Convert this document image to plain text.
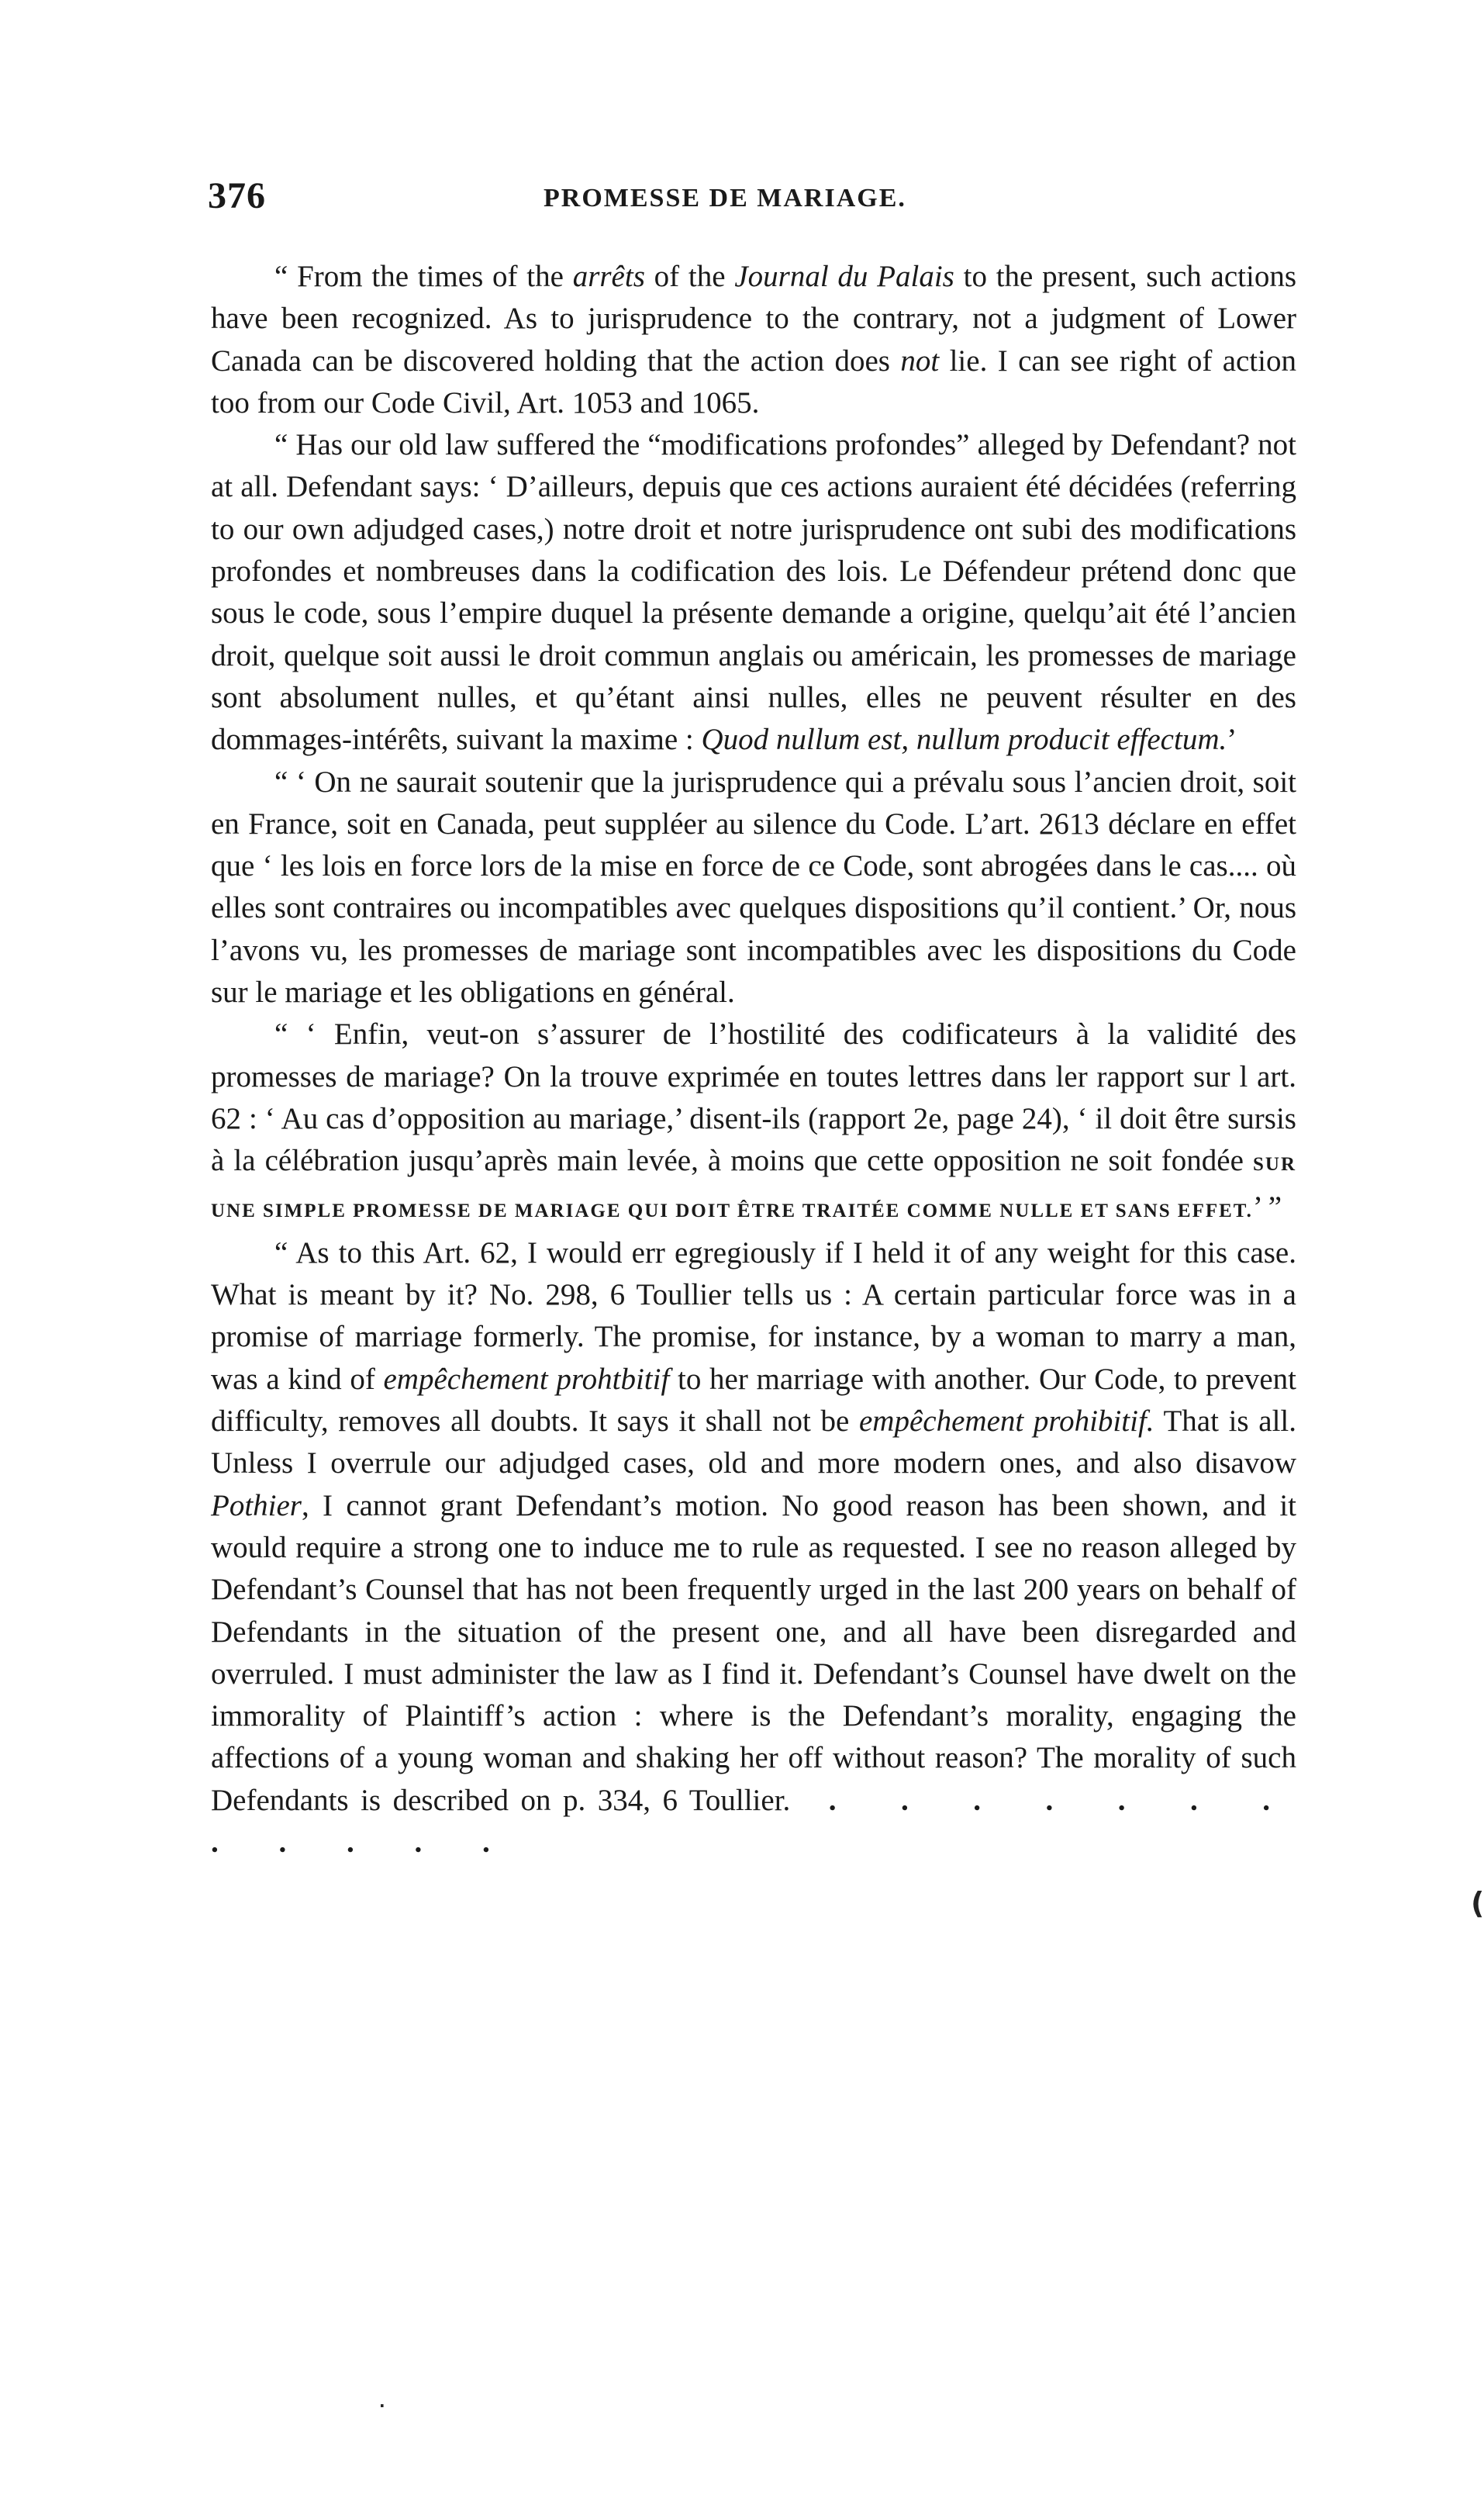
376	PROMESSE DE MARIAGE.

“ From the times of the arrêts of the Journal du Palais to the present, such actions have been recognized. As to jurisprudence to the contrary, not a judgment of Lower Canada can be discovered holding that the action does not lie. I can see right of action too from our Code Civil, Art. 1053 and 1065.

“ Has our old law suffered the “modifications profondes” alleged by Defendant? not at all. Defendant says: ‘ D’ailleurs, depuis que ces actions auraient été décidées (referring to our own adjudged cases,) notre droit et notre jurisprudence ont subi des modifications profondes et nombreuses dans la codification des lois. Le Défendeur prétend donc que sous le code, sous l’empire duquel la présente demande a origine, quelqu’ait été l’ancien droit, quelque soit aussi le droit commun anglais ou américain, les promesses de mariage sont absolument nulles, et qu’étant ainsi nulles, elles ne peuvent résulter en des dommages-intérêts, suivant la maxime : Quod nullum est, nullum producit effectum.’

“ ‘ On ne saurait soutenir que la jurisprudence qui a prévalu sous l’ancien droit, soit en France, soit en Canada, peut suppléer au silence du Code. L’art. 2613 déclare en effet que ‘ les lois en force lors de la mise en force de ce Code, sont abrogées dans le cas.... où elles sont contraires ou incompatibles avec quelques dispositions qu’il contient.’ Or, nous l’avons vu, les promesses de mariage sont incompatibles avec les dispositions du Code sur le mariage et les obligations en général.

“ ‘ Enfin, veut-on s’assurer de l’hostilité des codificateurs à la validité des promesses de mariage? On la trouve exprimée en toutes lettres dans ler rapport sur l art. 62 : ‘ Au cas d’opposition au mariage,’ disent-ils (rapport 2e, page 24), ‘ il doit être sursis à la célébration jusqu’après main levée, à moins que cette opposition ne soit fondée SUR UNE SIMPLE PROMESSE DE MARIAGE QUI DOIT ÊTRE TRAITÉE COMME NULLE ET SANS EFFET.’ ”

“ As to this Art. 62, I would err egregiously if I held it of any weight for this case. What is meant by it? No. 298, 6 Toullier tells us : A certain particular force was in a promise of marriage formerly. The promise, for instance, by a woman to marry a man, was a kind of empêchement prohtbitif to her marriage with another. Our Code, to prevent difficulty, removes all doubts. It says it shall not be empêchement prohibitif. That is all. Unless I overrule our adjudged cases, old and more modern ones, and also disavow Pothier, I cannot grant Defendant’s motion. No good reason has been shown, and it would require a strong one to induce me to rule as requested. I see no reason alleged by Defendant’s Counsel that has not been frequently urged in the last 200 years on behalf of Defendants in the situation of the present one, and all have been disregarded and overruled. I must administer the law as I find it. Defendant’s Counsel have dwelt on the immorality of Plaintiff’s action : where is the Defendant’s morality, engaging the affections of a young woman and shaking her off without reason? The morality of such Defendants is described on p. 334, 6 Toullier. . . . . . . . . . . . .

(
.
